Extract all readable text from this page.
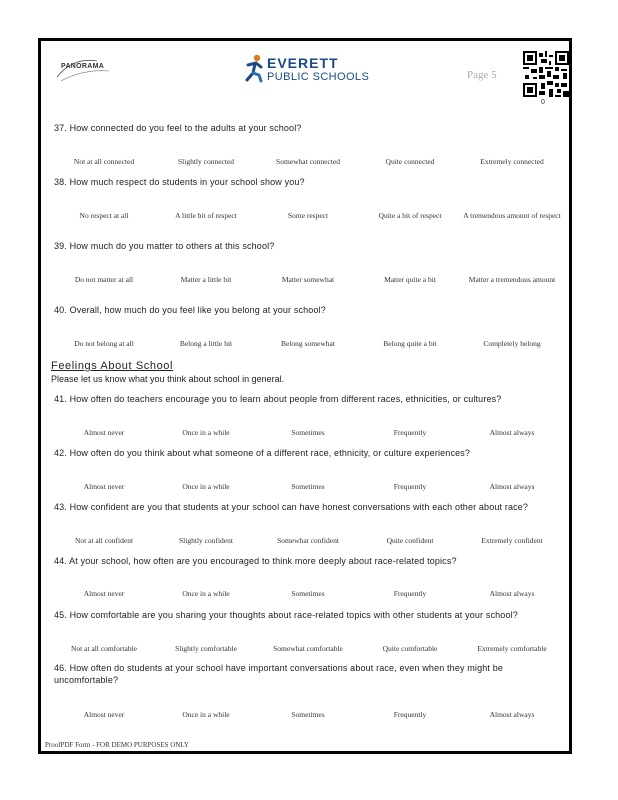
PANORAMA	EVERETT
PUBLIC SCHOOLS	Page 5
0
37. How connected do you feel to the adults at your school?
Not at all connected	Slightly connected	Somewhat connected	Quite connected	Extremely connected
38. How much respect do students in your school show you?
No respect at all	A little bit of respect	Some respect	Quite a bit of respect	A tremendous amount of respect
39. How much do you matter to others at this school?
Do not matter at all	Matter a little bit	Matter somewhat	Matter quite a bit	Matter a tremendous amount
40. Overall, how much do you feel like you belong at your school?
Do not belong at all	Belong a little bit	Belong somewhat	Belong quite a bit	Completely belong
Feelings About School
Please let us know what you think about school in general.
41. How often do teachers encourage you to learn about people from different races, ethnicities, or cultures?
Almost never	Once in a while	Sometimes	Frequently	Almost always
42. How often do you think about what someone of a different race, ethnicity, or culture experiences?
Almost never	Once in a while	Sometimes	Frequently	Almost always
43. How confident are you that students at your school can have honest conversations with each other about race?
Not at all confident	Slightly confident	Somewhat confident	Quite confident	Extremely confident
44. At your school, how often are you encouraged to think more deeply about race-related topics?
Almost never	Once in a while	Sometimes	Frequently	Almost always
45. How comfortable are you sharing your thoughts about race-related topics with other students at your school?
Not at all comfortable	Slightly comfortable	Somewhat comfortable	Quite comfortable	Extremely comfortable
46. How often do students at your school have important conversations about race, even when they might be uncomfortable?
Almost never	Once in a while	Sometimes	Frequently	Almost always
ProofPDF Form - FOR DEMO PURPOSES ONLY
